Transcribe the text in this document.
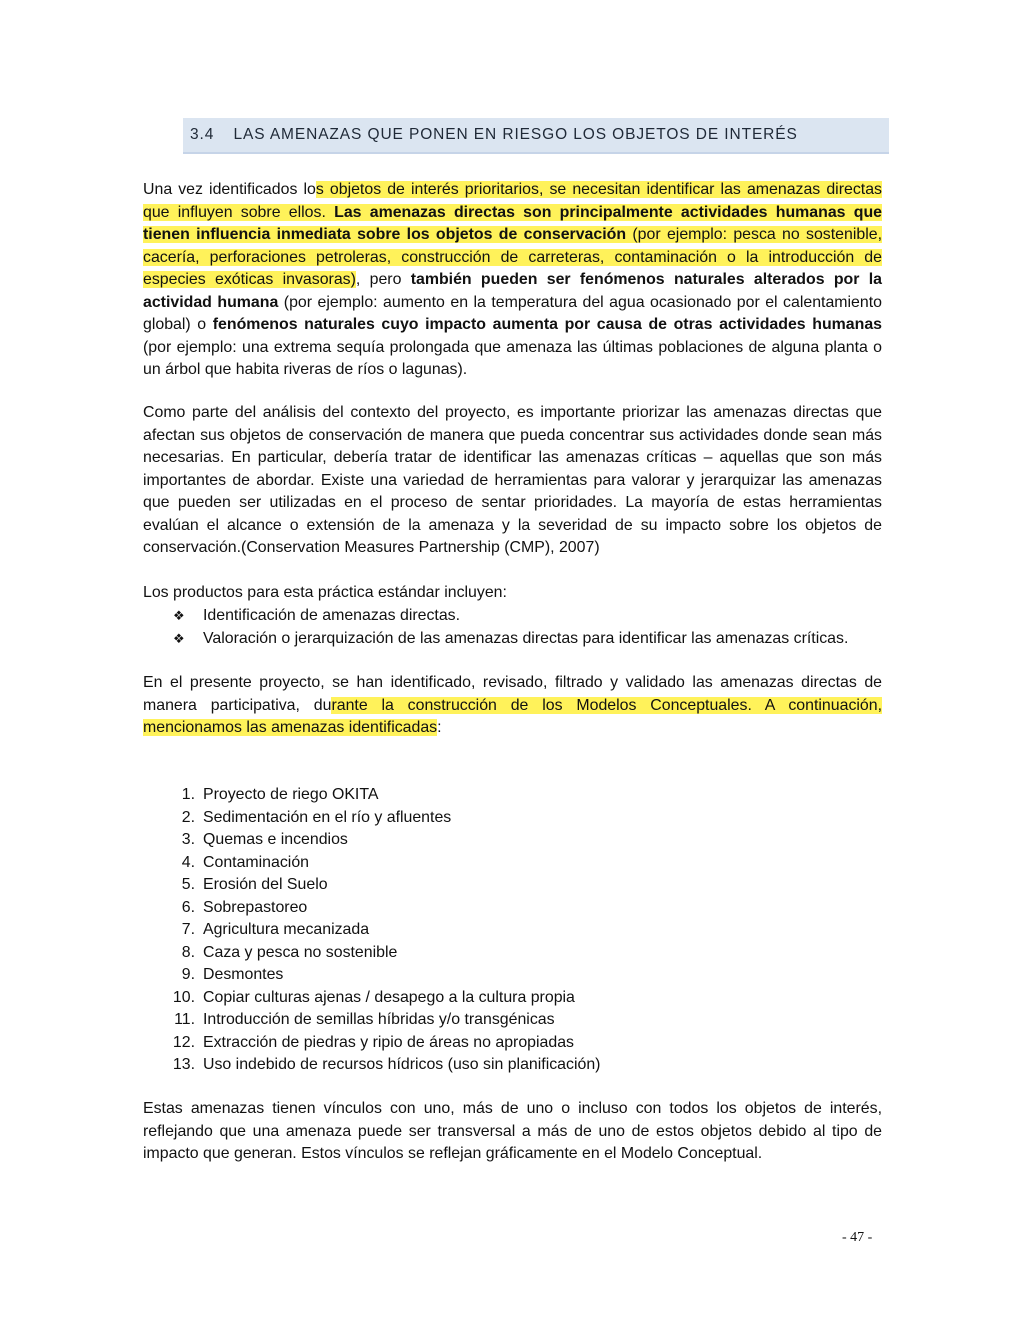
3.4 LAS AMENAZAS QUE PONEN EN RIESGO LOS OBJETOS DE INTERÉS

Una vez identificados los objetos de interés prioritarios, se necesitan identificar las amenazas directas que influyen sobre ellos. Las amenazas directas son principalmente actividades humanas que tienen influencia inmediata sobre los objetos de conservación (por ejemplo: pesca no sostenible, cacería, perforaciones petroleras, construcción de carreteras, contaminación o la introducción de especies exóticas invasoras), pero también pueden ser fenómenos naturales alterados por la actividad humana (por ejemplo: aumento en la temperatura del agua ocasionado por el calentamiento global) o fenómenos naturales cuyo impacto aumenta por causa de otras actividades humanas (por ejemplo: una extrema sequía prolongada que amenaza las últimas poblaciones de alguna planta o un árbol que habita riveras de ríos o lagunas).

Como parte del análisis del contexto del proyecto, es importante priorizar las amenazas directas que afectan sus objetos de conservación de manera que pueda concentrar sus actividades donde sean más necesarias. En particular, debería tratar de identificar las amenazas críticas – aquellas que son más importantes de abordar. Existe una variedad de herramientas para valorar y jerarquizar las amenazas que pueden ser utilizadas en el proceso de sentar prioridades. La mayoría de estas herramientas evalúan el alcance o extensión de la amenaza y la severidad de su impacto sobre los objetos de conservación.(Conservation Measures Partnership (CMP), 2007)

Los productos para esta práctica estándar incluyen:

❖ Identificación de amenazas directas.
❖ Valoración o jerarquización de las amenazas directas para identificar las amenazas críticas.

En el presente proyecto, se han identificado, revisado, filtrado y validado las amenazas directas de manera participativa, durante la construcción de los Modelos Conceptuales. A continuación, mencionamos las amenazas identificadas:

1. Proyecto de riego OKITA
2. Sedimentación en el río y afluentes
3. Quemas e incendios
4. Contaminación
5. Erosión del Suelo
6. Sobrepastoreo
7. Agricultura mecanizada
8. Caza y pesca no sostenible
9. Desmontes
10. Copiar culturas ajenas / desapego a la cultura propia
11. Introducción de semillas híbridas y/o transgénicas
12. Extracción de piedras y ripio de áreas no apropiadas
13. Uso indebido de recursos hídricos (uso sin planificación)

Estas amenazas tienen vínculos con uno, más de uno o incluso con todos los objetos de interés, reflejando que una amenaza puede ser transversal a más de uno de estos objetos debido al tipo de impacto que generan. Estos vínculos se reflejan gráficamente en el Modelo Conceptual.

- 47 -
